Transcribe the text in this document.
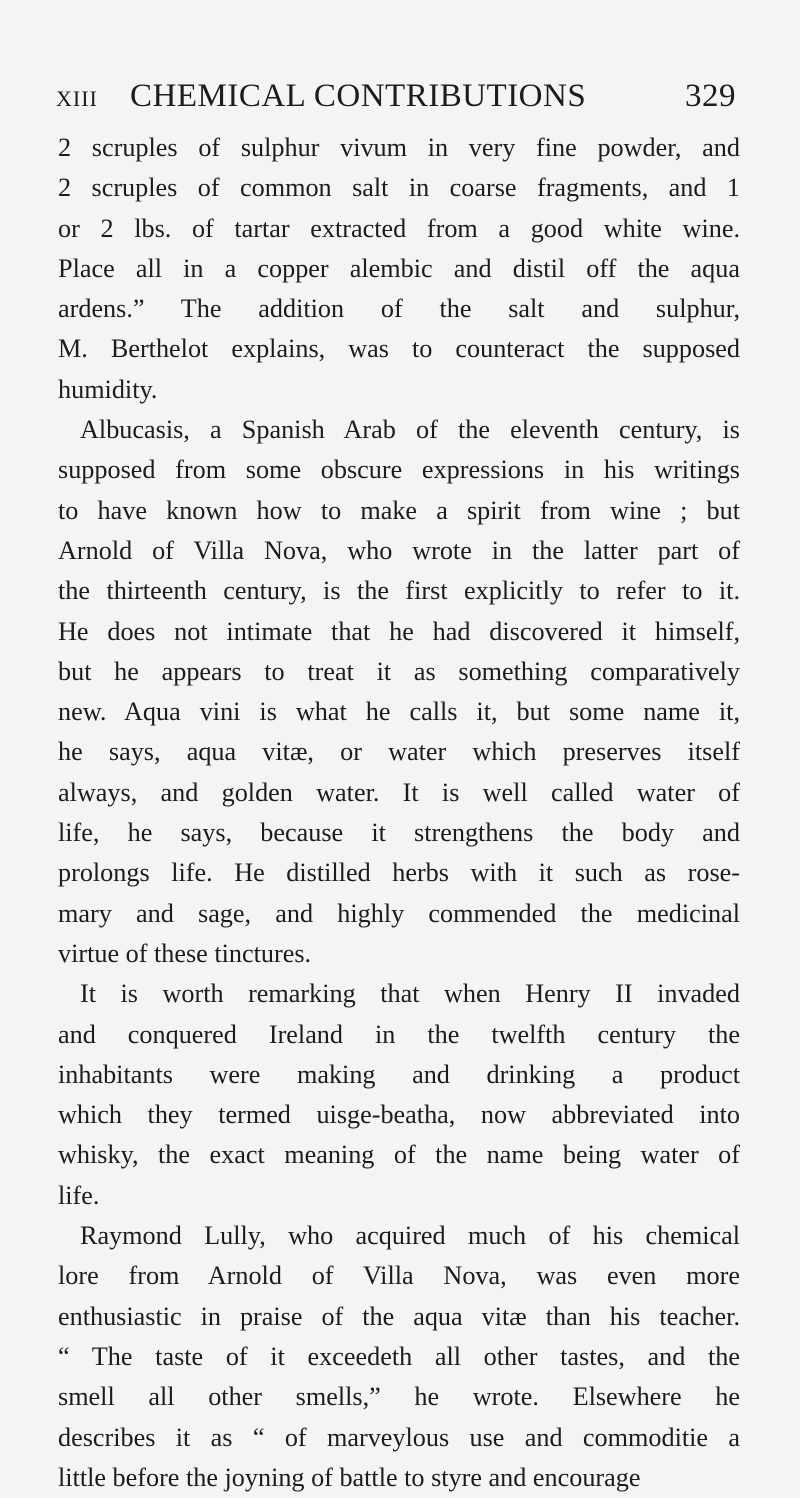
XIII CHEMICAL CONTRIBUTIONS	329
2 scruples of sulphur vivum in very fine powder, and
2 scruples of common salt in coarse fragments, and 1
or 2 lbs. of tartar extracted from a good white wine.
Place all in a copper alembic and distil off the aqua
ardens.” The addition of the salt and sulphur,
M. Berthelot explains, was to counteract the supposed
humidity.
Albucasis, a Spanish Arab of the eleventh century, is
supposed from some obscure expressions in his writings
to have known how to make a spirit from wine ; but
Arnold of Villa Nova, who wrote in the latter part of
the thirteenth century, is the first explicitly to refer to it.
He does not intimate that he had discovered it himself,
but he appears to treat it as something comparatively
new. Aqua vini is what he calls it, but some name it,
he says, aqua vitæ, or water which preserves itself
always, and golden water. It is well called water of
life, he says, because it strengthens the body and
prolongs life. He distilled herbs with it such as rose-
mary and sage, and highly commended the medicinal
virtue of these tinctures.
It is worth remarking that when Henry II invaded
and conquered Ireland in the twelfth century the
inhabitants were making and drinking a product
which they termed uisge-beatha, now abbreviated into
whisky, the exact meaning of the name being water of
life.
Raymond Lully, who acquired much of his chemical
lore from Arnold of Villa Nova, was even more
enthusiastic in praise of the aqua vitæ than his teacher.
“ The taste of it exceedeth all other tastes, and the
smell all other smells,” he wrote. Elsewhere he
describes it as “ of marveylous use and commoditie a
little before the joyning of battle to styre and encourage
